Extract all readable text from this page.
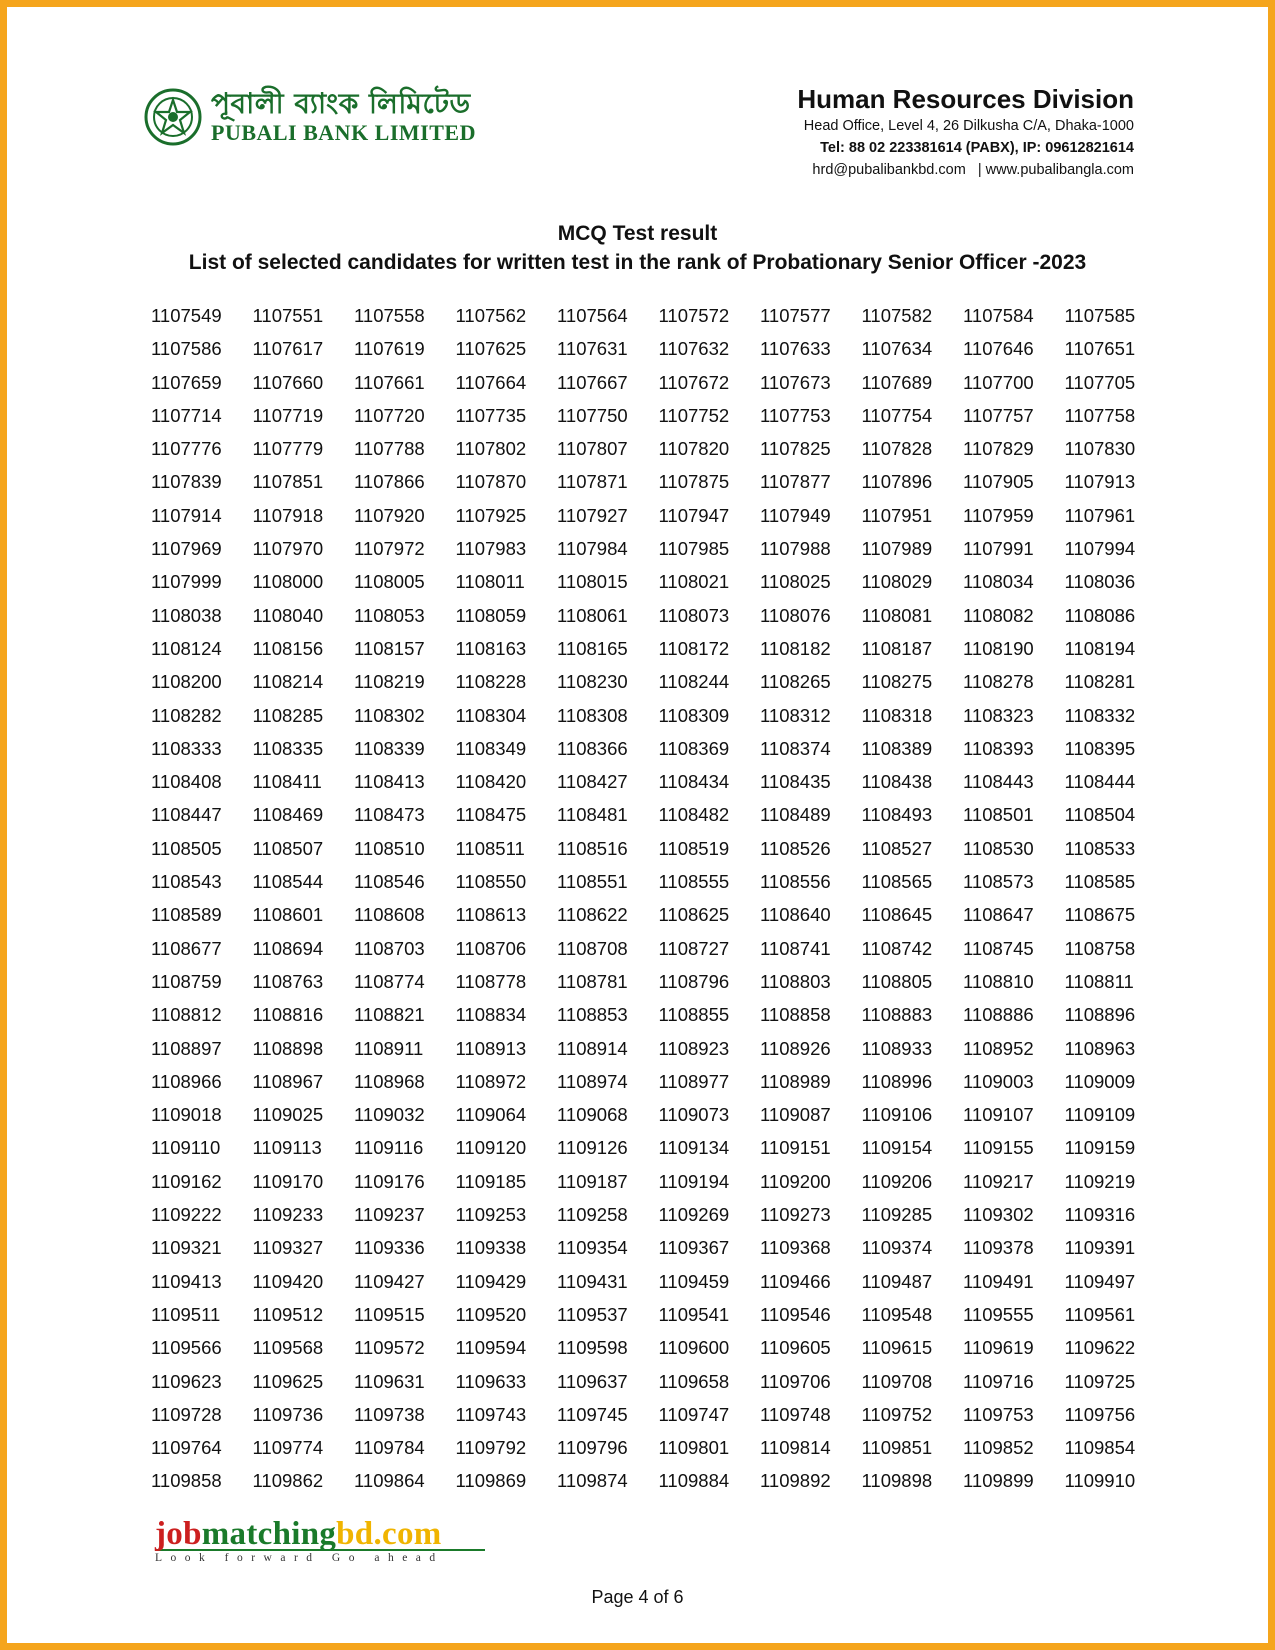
পূবালী ব্যাংক লিমিটেড
PUBALI BANK LIMITED
Human Resources Division
Head Office, Level 4, 26 Dilkusha C/A, Dhaka-1000
Tel: 88 02 223381614 (PABX), IP: 09612821614
hrd@pubalibankbd.com | www.pubalibangla.com
MCQ Test result
List of selected candidates for written test in the rank of Probationary Senior Officer -2023
1107549	1107551	1107558	1107562	1107564	1107572	1107577	1107582	1107584	1107585
1107586	1107617	1107619	1107625	1107631	1107632	1107633	1107634	1107646	1107651
1107659	1107660	1107661	1107664	1107667	1107672	1107673	1107689	1107700	1107705
1107714	1107719	1107720	1107735	1107750	1107752	1107753	1107754	1107757	1107758
1107776	1107779	1107788	1107802	1107807	1107820	1107825	1107828	1107829	1107830
1107839	1107851	1107866	1107870	1107871	1107875	1107877	1107896	1107905	1107913
1107914	1107918	1107920	1107925	1107927	1107947	1107949	1107951	1107959	1107961
1107969	1107970	1107972	1107983	1107984	1107985	1107988	1107989	1107991	1107994
1107999	1108000	1108005	1108011	1108015	1108021	1108025	1108029	1108034	1108036
1108038	1108040	1108053	1108059	1108061	1108073	1108076	1108081	1108082	1108086
1108124	1108156	1108157	1108163	1108165	1108172	1108182	1108187	1108190	1108194
1108200	1108214	1108219	1108228	1108230	1108244	1108265	1108275	1108278	1108281
1108282	1108285	1108302	1108304	1108308	1108309	1108312	1108318	1108323	1108332
1108333	1108335	1108339	1108349	1108366	1108369	1108374	1108389	1108393	1108395
1108408	1108411	1108413	1108420	1108427	1108434	1108435	1108438	1108443	1108444
1108447	1108469	1108473	1108475	1108481	1108482	1108489	1108493	1108501	1108504
1108505	1108507	1108510	1108511	1108516	1108519	1108526	1108527	1108530	1108533
1108543	1108544	1108546	1108550	1108551	1108555	1108556	1108565	1108573	1108585
1108589	1108601	1108608	1108613	1108622	1108625	1108640	1108645	1108647	1108675
1108677	1108694	1108703	1108706	1108708	1108727	1108741	1108742	1108745	1108758
1108759	1108763	1108774	1108778	1108781	1108796	1108803	1108805	1108810	1108811
1108812	1108816	1108821	1108834	1108853	1108855	1108858	1108883	1108886	1108896
1108897	1108898	1108911	1108913	1108914	1108923	1108926	1108933	1108952	1108963
1108966	1108967	1108968	1108972	1108974	1108977	1108989	1108996	1109003	1109009
1109018	1109025	1109032	1109064	1109068	1109073	1109087	1109106	1109107	1109109
1109110	1109113	1109116	1109120	1109126	1109134	1109151	1109154	1109155	1109159
1109162	1109170	1109176	1109185	1109187	1109194	1109200	1109206	1109217	1109219
1109222	1109233	1109237	1109253	1109258	1109269	1109273	1109285	1109302	1109316
1109321	1109327	1109336	1109338	1109354	1109367	1109368	1109374	1109378	1109391
1109413	1109420	1109427	1109429	1109431	1109459	1109466	1109487	1109491	1109497
1109511	1109512	1109515	1109520	1109537	1109541	1109546	1109548	1109555	1109561
1109566	1109568	1109572	1109594	1109598	1109600	1109605	1109615	1109619	1109622
1109623	1109625	1109631	1109633	1109637	1109658	1109706	1109708	1109716	1109725
1109728	1109736	1109738	1109743	1109745	1109747	1109748	1109752	1109753	1109756
1109764	1109774	1109784	1109792	1109796	1109801	1109814	1109851	1109852	1109854
1109858	1109862	1109864	1109869	1109874	1109884	1109892	1109898	1109899	1109910
jobmatchingbd.com
Look forward Go ahead
Page 4 of 6
